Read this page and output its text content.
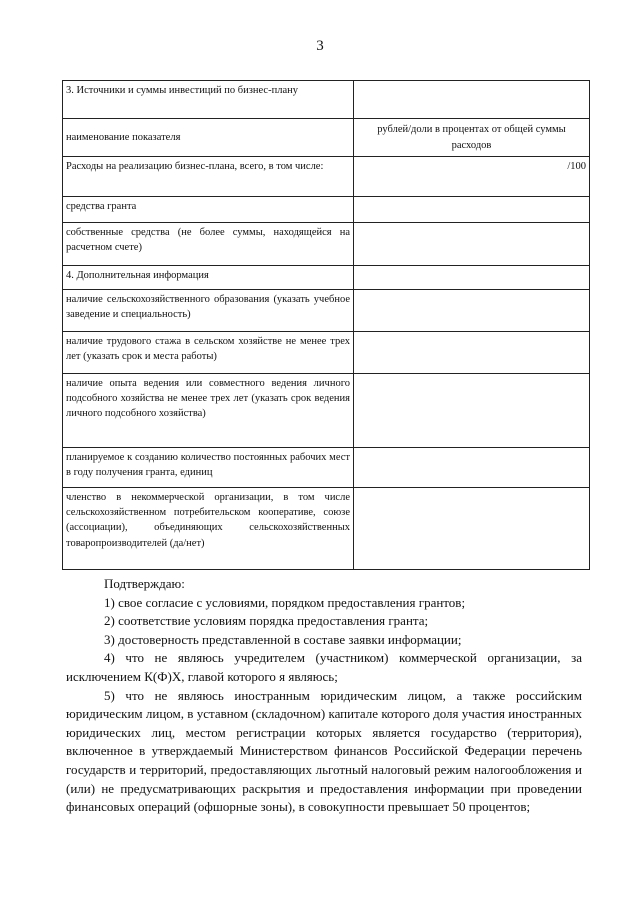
3
3. Источники и суммы инвестиций по бизнес-плану	
наименование показателя	рублей/доли в процентах от общей суммы расходов
Расходы на реализацию бизнес-плана, всего, в том числе:	/100
средства гранта	
собственные средства (не более суммы, находящейся на расчетном счете)	
4. Дополнительная информация	
наличие сельскохозяйственного образования (указать учебное заведение и специальность)	
наличие трудового стажа в сельском хозяйстве не менее трех лет (указать срок и места работы)	
наличие опыта ведения или совместного ведения личного подсобного хозяйства не менее трех лет (указать срок ведения личного подсобного хозяйства)	
планируемое к созданию количество постоянных рабочих мест в году получения гранта, единиц	
членство в некоммерческой организации, в том числе сельскохозяйственном потребительском кооперативе, союзе (ассоциации), объединяющих сельскохозяйственных товаропроизводителей (да/нет)	

Подтверждаю:

1) свое согласие с условиями, порядком предоставления грантов;

2) соответствие условиям порядка предоставления гранта;

3) достоверность представленной в составе заявки информации;

4) что не являюсь учредителем (участником) коммерческой организации, за исключением К(Ф)Х, главой которого я являюсь;

5) что не являюсь иностранным юридическим лицом, а также российским юридическим лицом, в уставном (складочном) капитале которого доля участия иностранных юридических лиц, местом регистрации которых является государство (территория), включенное в утверждаемый Министерством финансов Российской Федерации перечень государств и территорий, предоставляющих льготный налоговый режим налогообложения и (или) не предусматривающих раскрытия и предоставления информации при проведении финансовых операций (офшорные зоны), в совокупности превышает 50 процентов;
